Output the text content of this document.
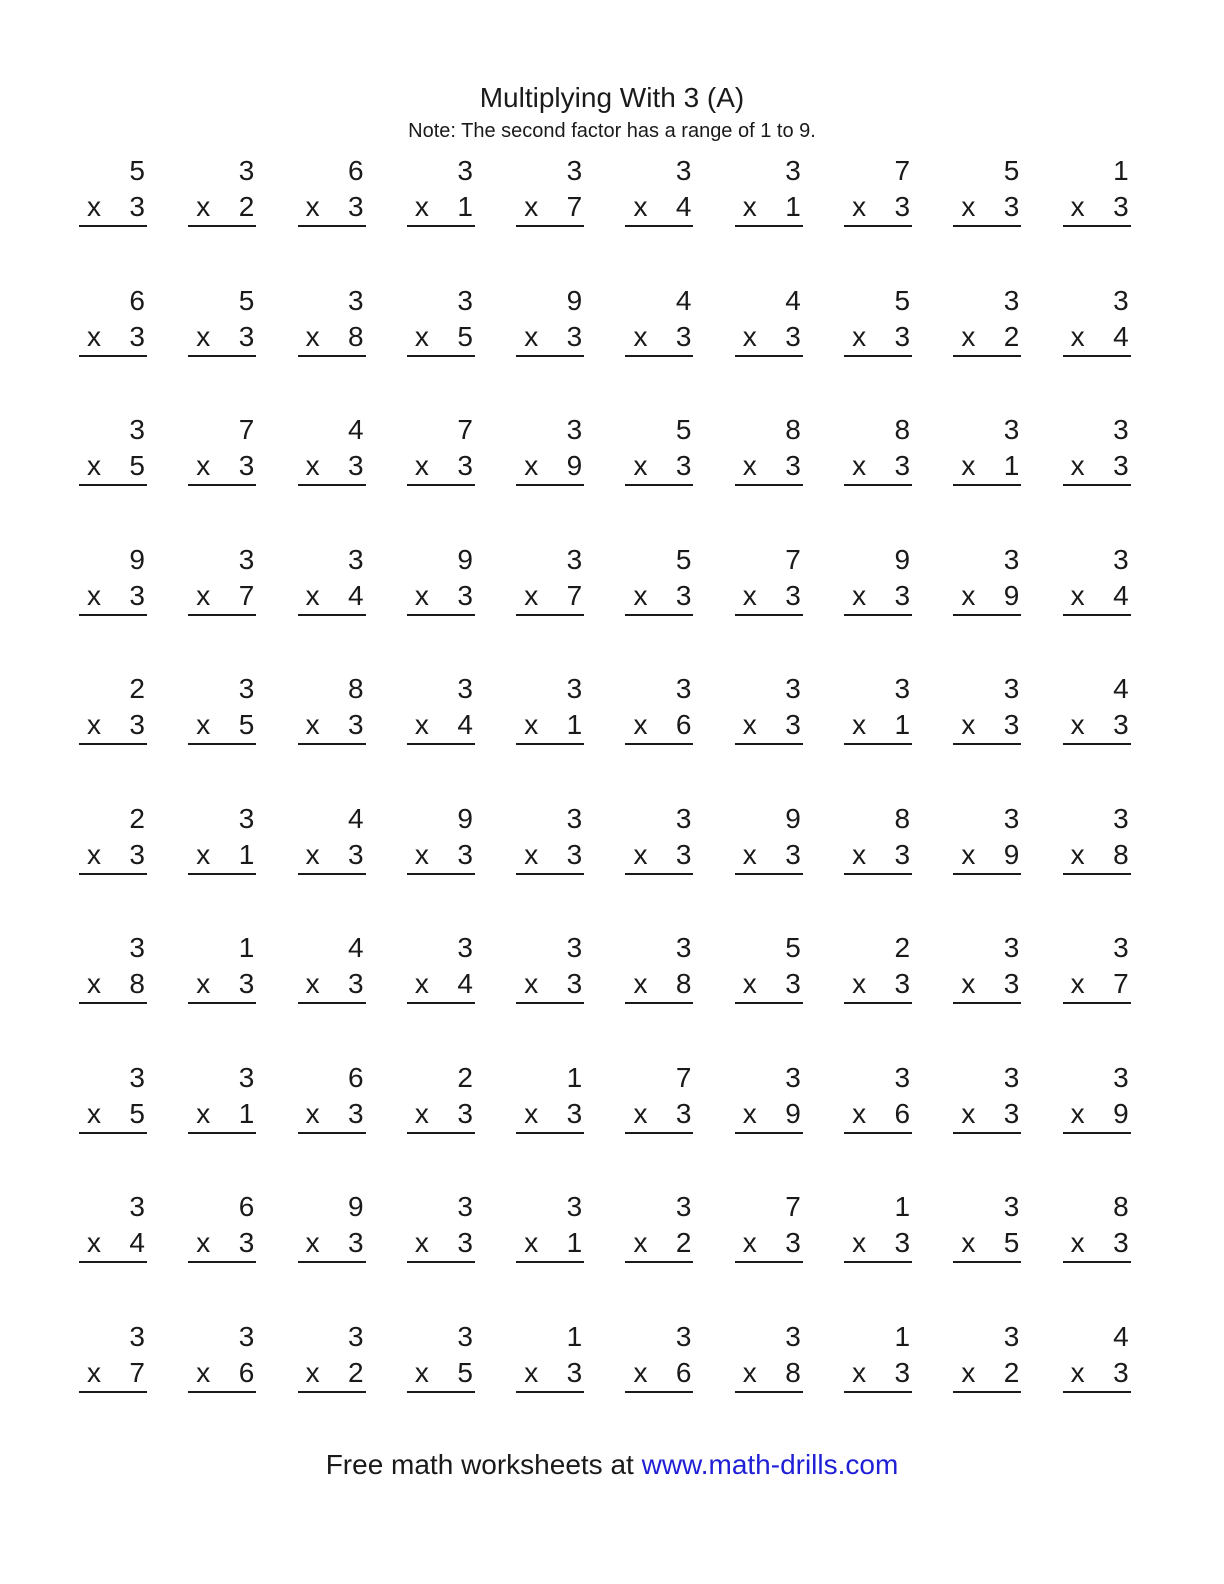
Multiplying With 3 (A)
Note: The second factor has a range of 1 to 9.
5
x 3
3
x 2
6
x 3
3
x 1
3
x 7
3
x 4
3
x 1
7
x 3
5
x 3
1
x 3
6
x 3
5
x 3
3
x 8
3
x 5
9
x 3
4
x 3
4
x 3
5
x 3
3
x 2
3
x 4
3
x 5
7
x 3
4
x 3
7
x 3
3
x 9
5
x 3
8
x 3
8
x 3
3
x 1
3
x 3
9
x 3
3
x 7
3
x 4
9
x 3
3
x 7
5
x 3
7
x 3
9
x 3
3
x 9
3
x 4
2
x 3
3
x 5
8
x 3
3
x 4
3
x 1
3
x 6
3
x 3
3
x 1
3
x 3
4
x 3
2
x 3
3
x 1
4
x 3
9
x 3
3
x 3
3
x 3
9
x 3
8
x 3
3
x 9
3
x 8
3
x 8
1
x 3
4
x 3
3
x 4
3
x 3
3
x 8
5
x 3
2
x 3
3
x 3
3
x 7
3
x 5
3
x 1
6
x 3
2
x 3
1
x 3
7
x 3
3
x 9
3
x 6
3
x 3
3
x 9
3
x 4
6
x 3
9
x 3
3
x 3
3
x 1
3
x 2
7
x 3
1
x 3
3
x 5
8
x 3
3
x 7
3
x 6
3
x 2
3
x 5
1
x 3
3
x 6
3
x 8
1
x 3
3
x 2
4
x 3
Free math worksheets at www.math-drills.com
